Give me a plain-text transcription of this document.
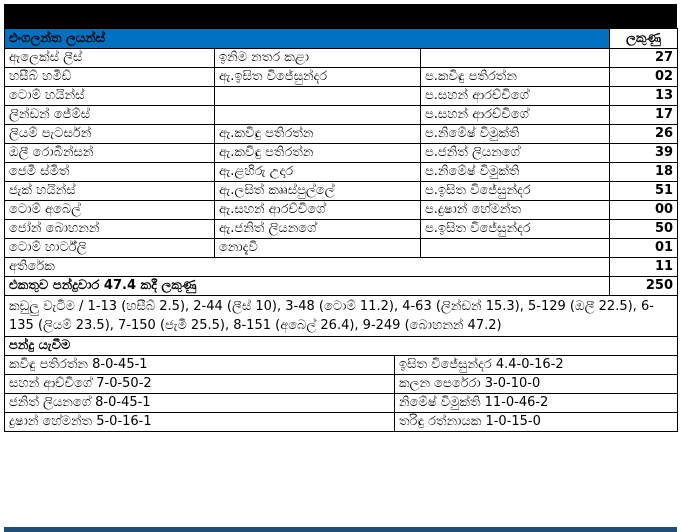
එංගලන්ත ලයන්ස්			ලකුණු
ඇලෙක්ස් ලීස්	ඉනිම නතර කළා		27
හසීබ් හමීඩ්	ඇ.ඉසිත විජේසුන්දර	ප.කවිඳු පතිරත්න	02
ටොම් හයින්ස්		ප.සහන් ආරච්චිගේ	13
ලින්ඩන් ජේම්ස්		ප.සහන් ආරච්චිගේ	17
ලියම් පැටර්සන්	ඇ.කවිඳු පතිරත්න	ප.නිමේෂ් විමුක්ති	26
ඔලී රොබින්සන්	ඇ.කවිඳු පතිරත්න	ප.ජනිත් ලියනගේ	39
ජෙමී ස්මිත්	ඇ.ළහිරු උදාර	ප.නිමේෂ් විමුක්ති	18
ජැක් හයින්ස්	ඇ.ලසිත් කෲස්පුල්ලේ	ප.ඉසිත විජේසුන්දර	51
ටොම් අබෙල්	ඇ.සහන් ආරච්චිගේ	ප.දුෂාන් හේමන්ත	00
ජෝන් බොහනන්	ඇ.ජනිත් ලියනගේ	ප.ඉසිත විජේසුන්දර	50
ටොම් හාර්ට්ලි	නොදැවී		01
අතිරේක			11
එකතුව පන්දුවාර 47.4 කදී ලකුණු			250
කඩුලු වැටීම / 1-13 (හසීබ් 2.5), 2-44 (ලීස් 10), 3-48 (ටොම් 11.2), 4-63 (ලින්ඩන් 15.3), 5-129 (ඔලී 22.5), 6-135 (ලියම් 23.5), 7-150 (ජැමී 25.5), 8-151 (අබෙල් 26.4), 9-249 (බොහනන් 47.2)			
පන්දු යැවීම	
කවිඳු පතිරත්න 8-0-45-1	ඉසිත විජේසුන්දර 4.4-0-16-2
සහන් ආච්චිගේ 7-0-50-2	කලන පෙරේරා 3-0-10-0
ජනිත් ලියනගේ 8-0-45-1	නිමේෂ් විමුක්ති 11-0-46-2
දුෂාන් හේමන්ත 5-0-16-1	තරිඳු රත්නායක 1-0-15-0
